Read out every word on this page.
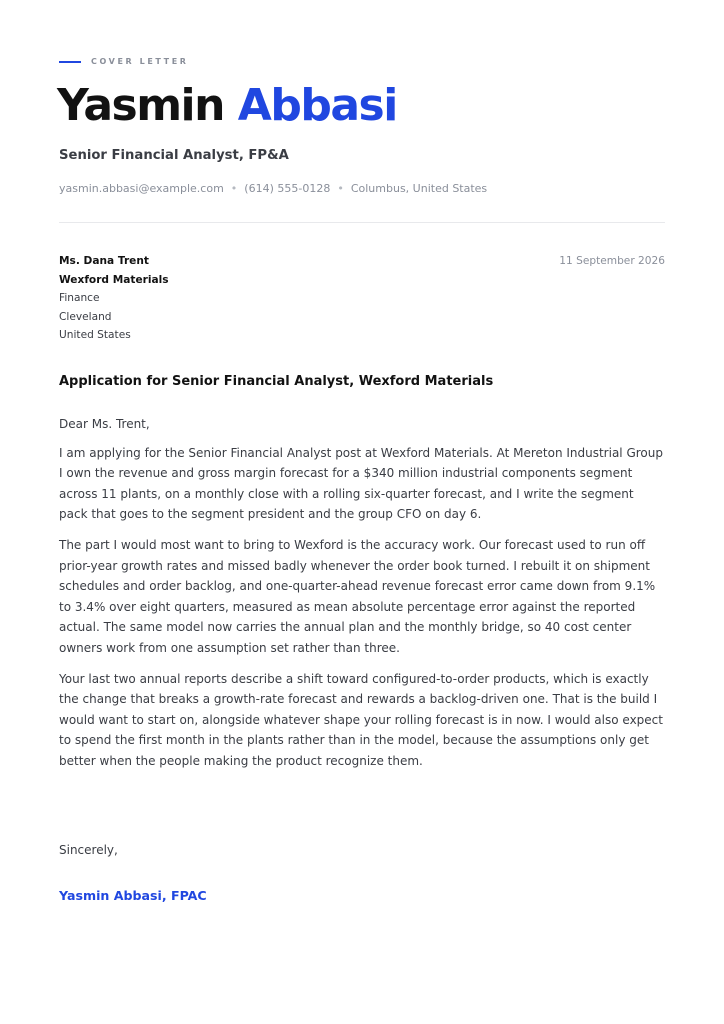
COVER LETTER
Yasmin Abbasi
Senior Financial Analyst, FP&A
yasmin.abbasi@example.com • (614) 555-0128 • Columbus, United States
Ms. Dana Trent
Wexford Materials
Finance
Cleveland
United States
11 September 2026
Application for Senior Financial Analyst, Wexford Materials

Dear Ms. Trent,

I am applying for the Senior Financial Analyst post at Wexford Materials. At Mereton Industrial Group I own the revenue and gross margin forecast for a $340 million industrial components segment across 11 plants, on a monthly close with a rolling six-quarter forecast, and I write the segment pack that goes to the segment president and the group CFO on day 6.

The part I would most want to bring to Wexford is the accuracy work. Our forecast used to run off prior-year growth rates and missed badly whenever the order book turned. I rebuilt it on shipment schedules and order backlog, and one-quarter-ahead revenue forecast error came down from 9.1% to 3.4% over eight quarters, measured as mean absolute percentage error against the reported actual. The same model now carries the annual plan and the monthly bridge, so 40 cost center owners work from one assumption set rather than three.

Your last two annual reports describe a shift toward configured-to-order products, which is exactly the change that breaks a growth-rate forecast and rewards a backlog-driven one. That is the build I would want to start on, alongside whatever shape your rolling forecast is in now. I would also expect to spend the first month in the plants rather than in the model, because the assumptions only get better when the people making the product recognize them.

Sincerely,
Yasmin Abbasi, FPAC
